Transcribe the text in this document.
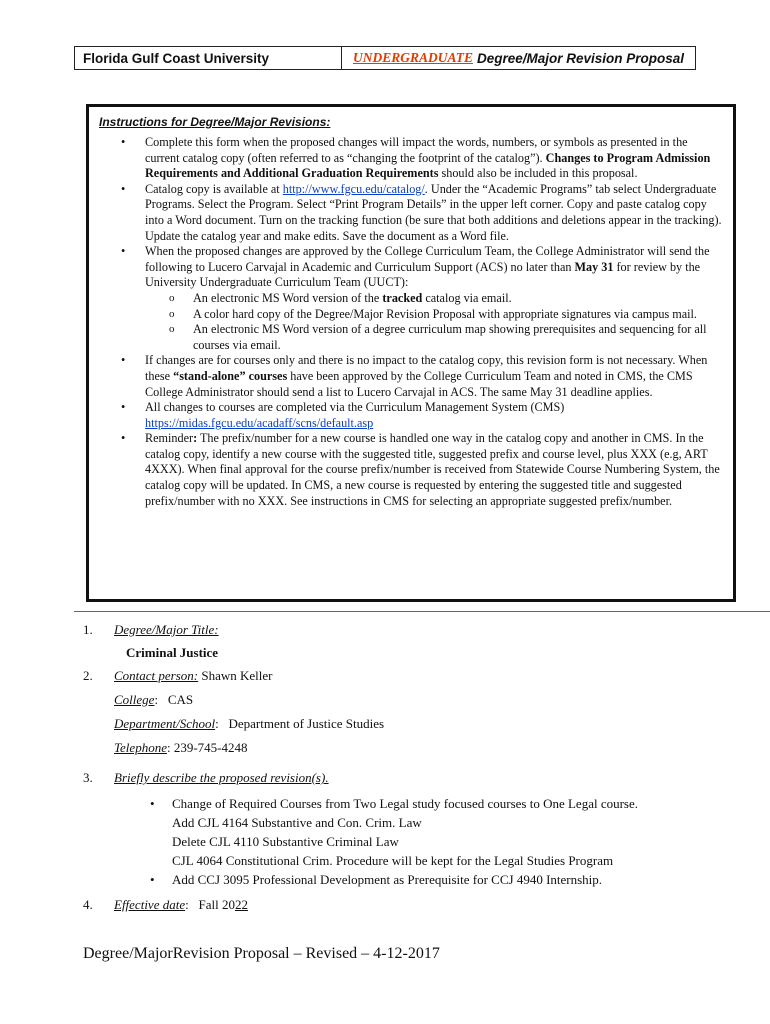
Florida Gulf Coast University	UNDERGRADUATE Degree/Major Revision Proposal
Instructions for Degree/Major Revisions:
• Complete this form when the proposed changes will impact the words, numbers, or symbols as presented in the current catalog copy (often referred to as “changing the footprint of the catalog”). Changes to Program Admission Requirements and Additional Graduation Requirements should also be included in this proposal.
• Catalog copy is available at http://www.fgcu.edu/catalog/. Under the “Academic Programs” tab select Undergraduate Programs. Select the Program. Select “Print Program Details” in the upper left corner. Copy and paste catalog copy into a Word document. Turn on the tracking function (be sure that both additions and deletions appear in the tracking). Update the catalog year and make edits. Save the document as a Word file.
• When the proposed changes are approved by the College Curriculum Team, the College Administrator will send the following to Lucero Carvajal in Academic and Curriculum Support (ACS) no later than May 31 for review by the University Undergraduate Curriculum Team (UUCT):
o An electronic MS Word version of the tracked catalog via email.
o A color hard copy of the Degree/Major Revision Proposal with appropriate signatures via campus mail.
o An electronic MS Word version of a degree curriculum map showing prerequisites and sequencing for all courses via email.
• If changes are for courses only and there is no impact to the catalog copy, this revision form is not necessary. When these “stand-alone” courses have been approved by the College Curriculum Team and noted in CMS, the CMS College Administrator should send a list to Lucero Carvajal in ACS. The same May 31 deadline applies.
• All changes to courses are completed via the Curriculum Management System (CMS)
https://midas.fgcu.edu/acadaff/scns/default.asp
• Reminder: The prefix/number for a new course is handled one way in the catalog copy and another in CMS. In the catalog copy, identify a new course with the suggested title, suggested prefix and course level, plus XXX (e.g, ART 4XXX). When final approval for the course prefix/number is received from Statewide Course Numbering System, the catalog copy will be updated. In CMS, a new course is requested by entering the suggested title and suggested prefix/number with no XXX. See instructions in CMS for selecting an appropriate suggested prefix/number.
1. Degree/Major Title:
Criminal Justice
2. Contact person: Shawn Keller
College:   CAS
Department/School:   Department of Justice Studies
Telephone: 239-745-4248
3. Briefly describe the proposed revision(s).
• Change of Required Courses from Two Legal study focused courses to One Legal course.
Add CJL 4164 Substantive and Con. Crim. Law
Delete CJL 4110 Substantive Criminal Law
CJL 4064 Constitutional Crim. Procedure will be kept for the Legal Studies Program
• Add CCJ 3095 Professional Development as Prerequisite for CCJ 4940 Internship.
4. Effective date:   Fall 2022
Degree/MajorRevision Proposal – Revised – 4-12-2017
